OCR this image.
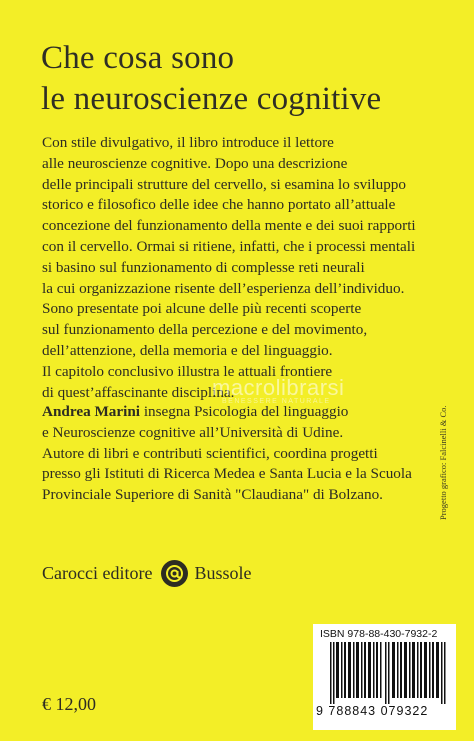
Che cosa sono
le neuroscienze cognitive
Con stile divulgativo, il libro introduce il lettore
alle neuroscienze cognitive. Dopo una descrizione
delle principali strutture del cervello, si esamina lo sviluppo
storico e filosofico delle idee che hanno portato all’attuale
concezione del funzionamento della mente e dei suoi rapporti
con il cervello. Ormai si ritiene, infatti, che i processi mentali
si basino sul funzionamento di complesse reti neurali
la cui organizzazione risente dell’esperienza dell’individuo.
Sono presentate poi alcune delle più recenti scoperte
sul funzionamento della percezione e del movimento,
dell’attenzione, della memoria e del linguaggio.
Il capitolo conclusivo illustra le attuali frontiere
di quest’affascinante disciplina.
macrolibrarsi
BENESSERE NATURALE
Andrea Marini insegna Psicologia del linguaggio
e Neuroscienze cognitive all’Università di Udine.
Autore di libri e contributi scientifici, coordina progetti
presso gli Istituti di Ricerca Medea e Santa Lucia e la Scuola
Provinciale Superiore di Sanità "Claudiana" di Bolzano.	Progetto grafico: Falcinelli & Co.
Carocci editore Bussole
ISBN 978-88-430-7932-2
9 788843 079322
€ 12,00
